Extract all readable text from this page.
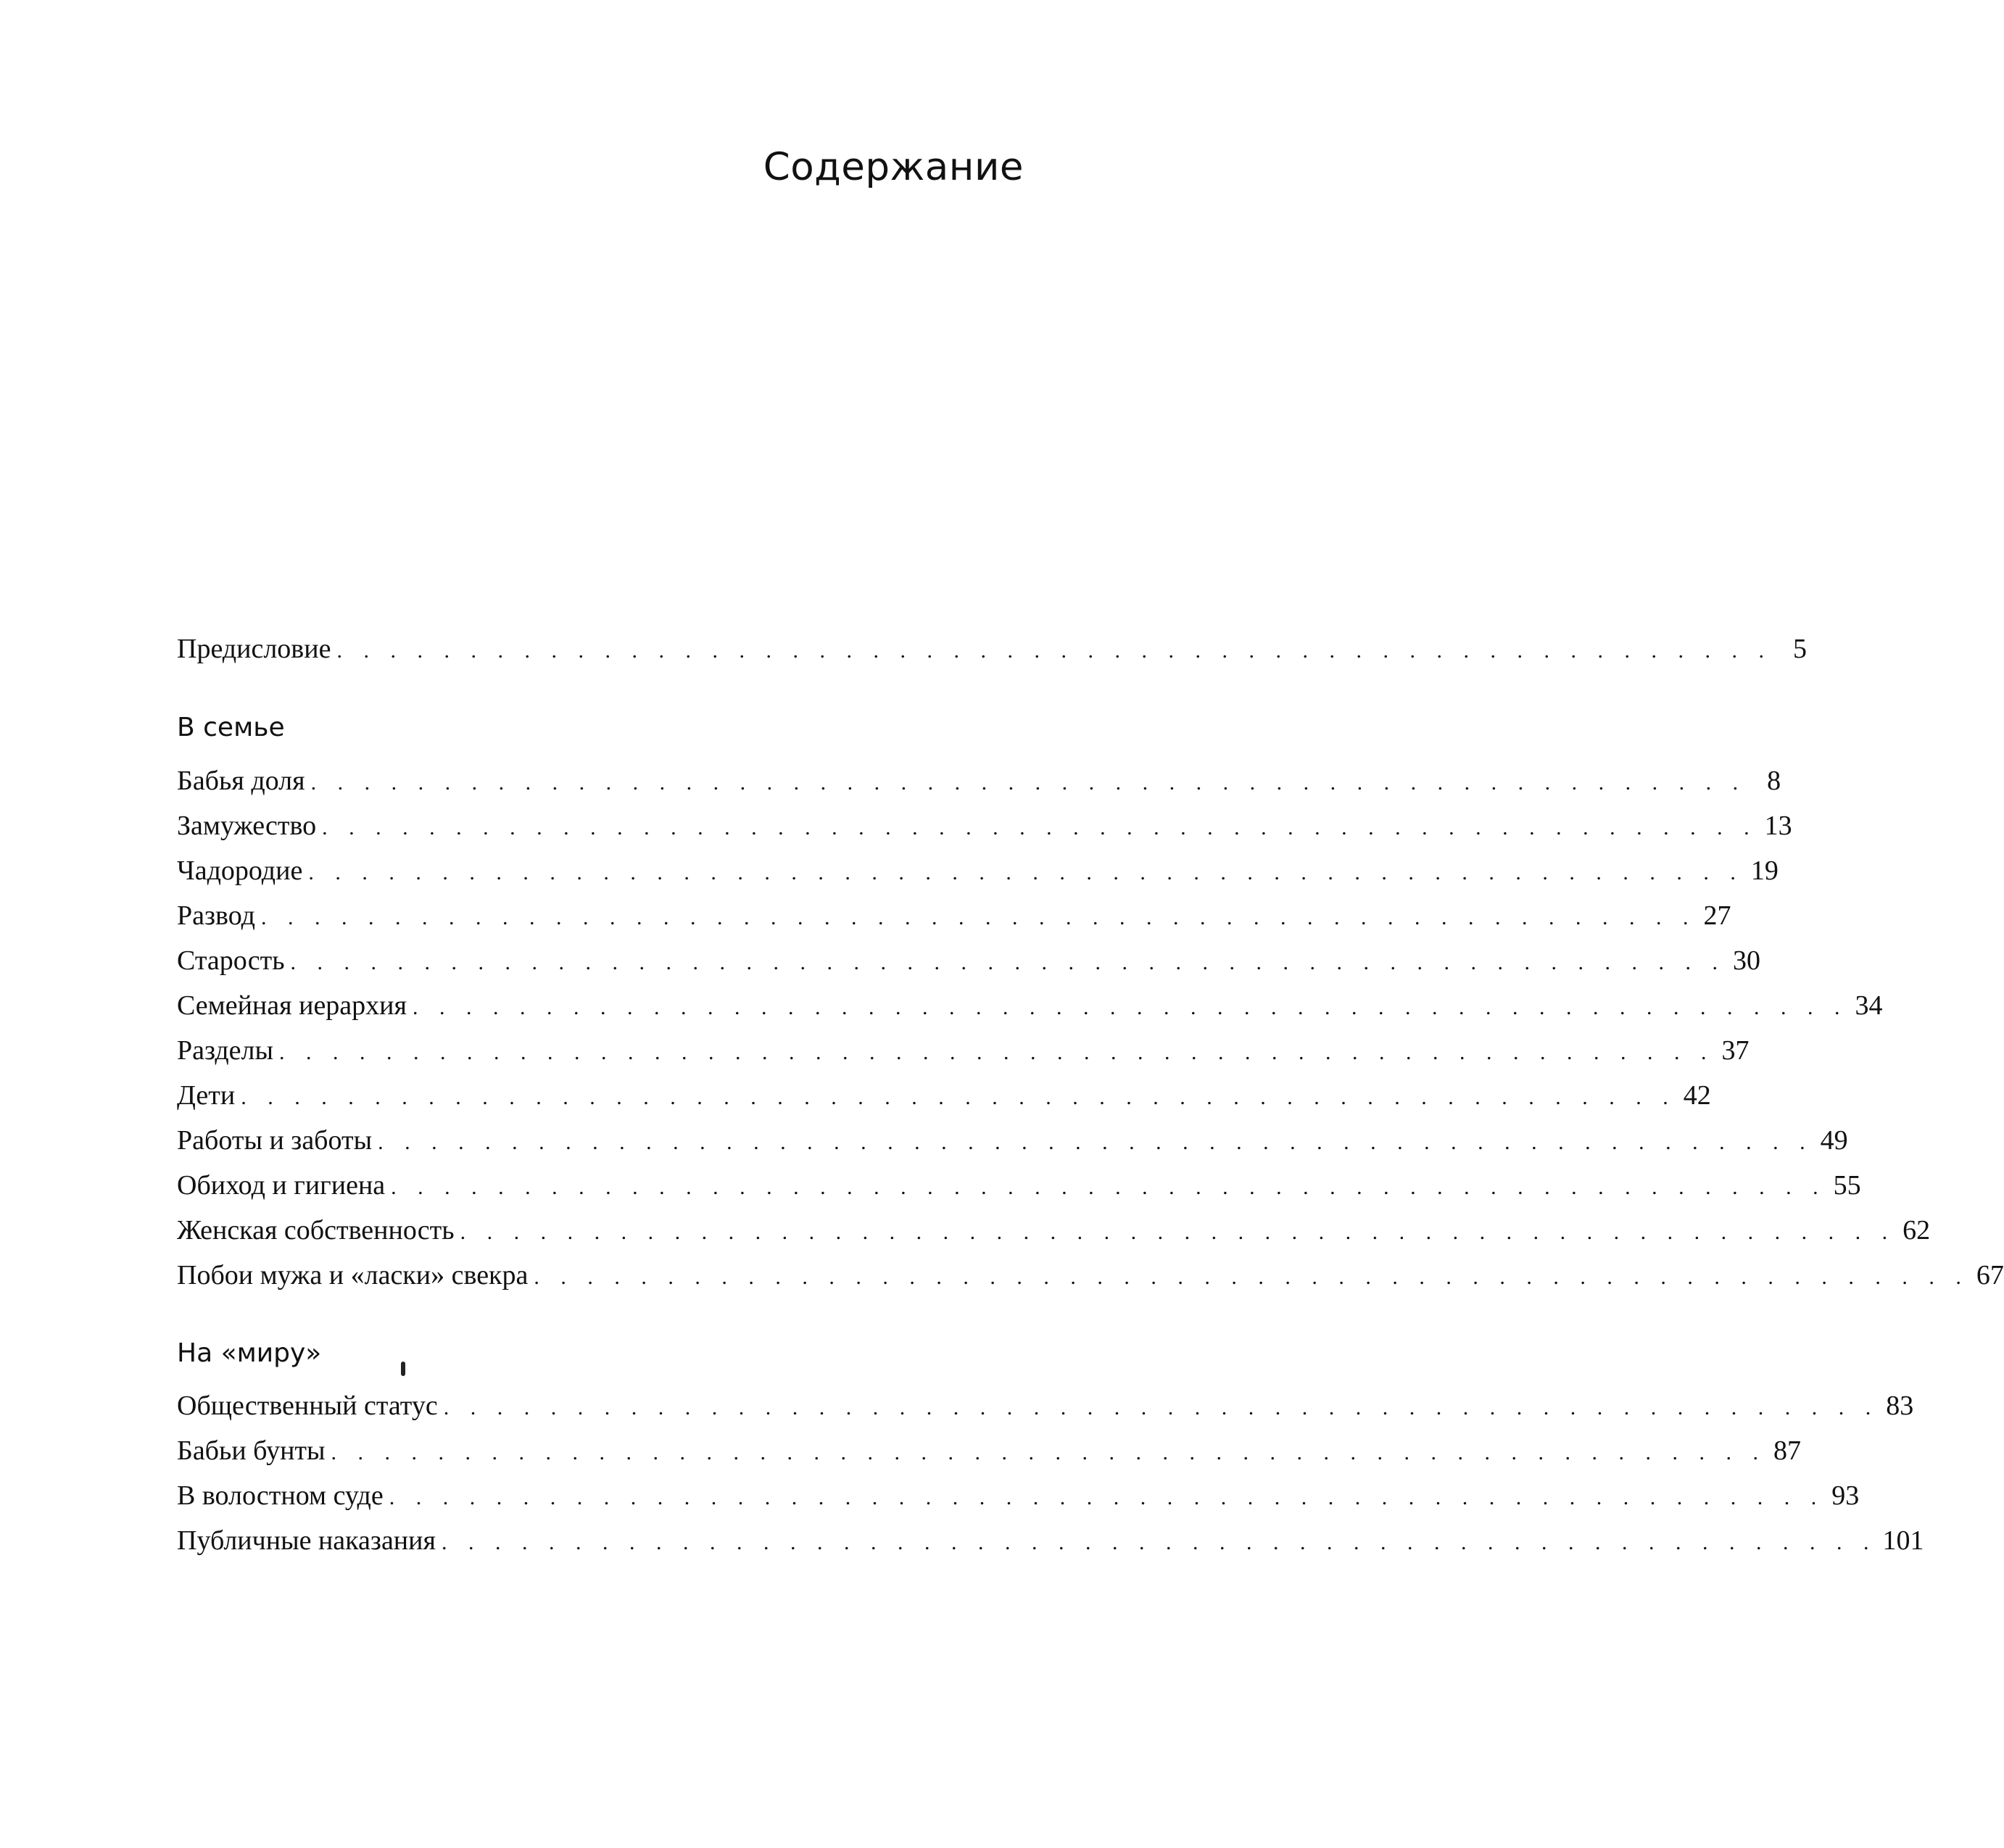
Содержание
Предисловие . . . . . . . . . . . . . . . . . . . . . . . . . . . . . . . . . . . . . . . . . . . . . . . . . . . . . . 5
В семье
Бабья доля . . . . . . . . . . . . . . . . . . . . . . . . . . . . . . . . . . . . . . . . . . . . . . . . . . . . . . 8
Замужество . . . . . . . . . . . . . . . . . . . . . . . . . . . . . . . . . . . . . . . . . . . . . . . . . . . . . . 13
Чадородие . . . . . . . . . . . . . . . . . . . . . . . . . . . . . . . . . . . . . . . . . . . . . . . . . . . . . . 19
Развод . . . . . . . . . . . . . . . . . . . . . . . . . . . . . . . . . . . . . . . . . . . . . . . . . . . . . . 27
Старость . . . . . . . . . . . . . . . . . . . . . . . . . . . . . . . . . . . . . . . . . . . . . . . . . . . . . . 30
Семейная иерархия . . . . . . . . . . . . . . . . . . . . . . . . . . . . . . . . . . . . . . . . . . . . . . . . . . . . . . 34
Разделы . . . . . . . . . . . . . . . . . . . . . . . . . . . . . . . . . . . . . . . . . . . . . . . . . . . . . . 37
Дети . . . . . . . . . . . . . . . . . . . . . . . . . . . . . . . . . . . . . . . . . . . . . . . . . . . . . . 42
Работы и заботы . . . . . . . . . . . . . . . . . . . . . . . . . . . . . . . . . . . . . . . . . . . . . . . . . . . . . . 49
Обиход и гигиена . . . . . . . . . . . . . . . . . . . . . . . . . . . . . . . . . . . . . . . . . . . . . . . . . . . . . . 55
Женская собственность . . . . . . . . . . . . . . . . . . . . . . . . . . . . . . . . . . . . . . . . . . . . . . . . . . . . . . 62
Побои мужа и «ласки» свекра . . . . . . . . . . . . . . . . . . . . . . . . . . . . . . . . . . . . . . . . . . . . . . . . . . . . . . 67
На «миру»
Общественный статус . . . . . . . . . . . . . . . . . . . . . . . . . . . . . . . . . . . . . . . . . . . . . . . . . . . . . . 83
Бабьи бунты . . . . . . . . . . . . . . . . . . . . . . . . . . . . . . . . . . . . . . . . . . . . . . . . . . . . . . 87
В волостном суде . . . . . . . . . . . . . . . . . . . . . . . . . . . . . . . . . . . . . . . . . . . . . . . . . . . . . . 93
Публичные наказания . . . . . . . . . . . . . . . . . . . . . . . . . . . . . . . . . . . . . . . . . . . . . . . . . . . . . . 101
